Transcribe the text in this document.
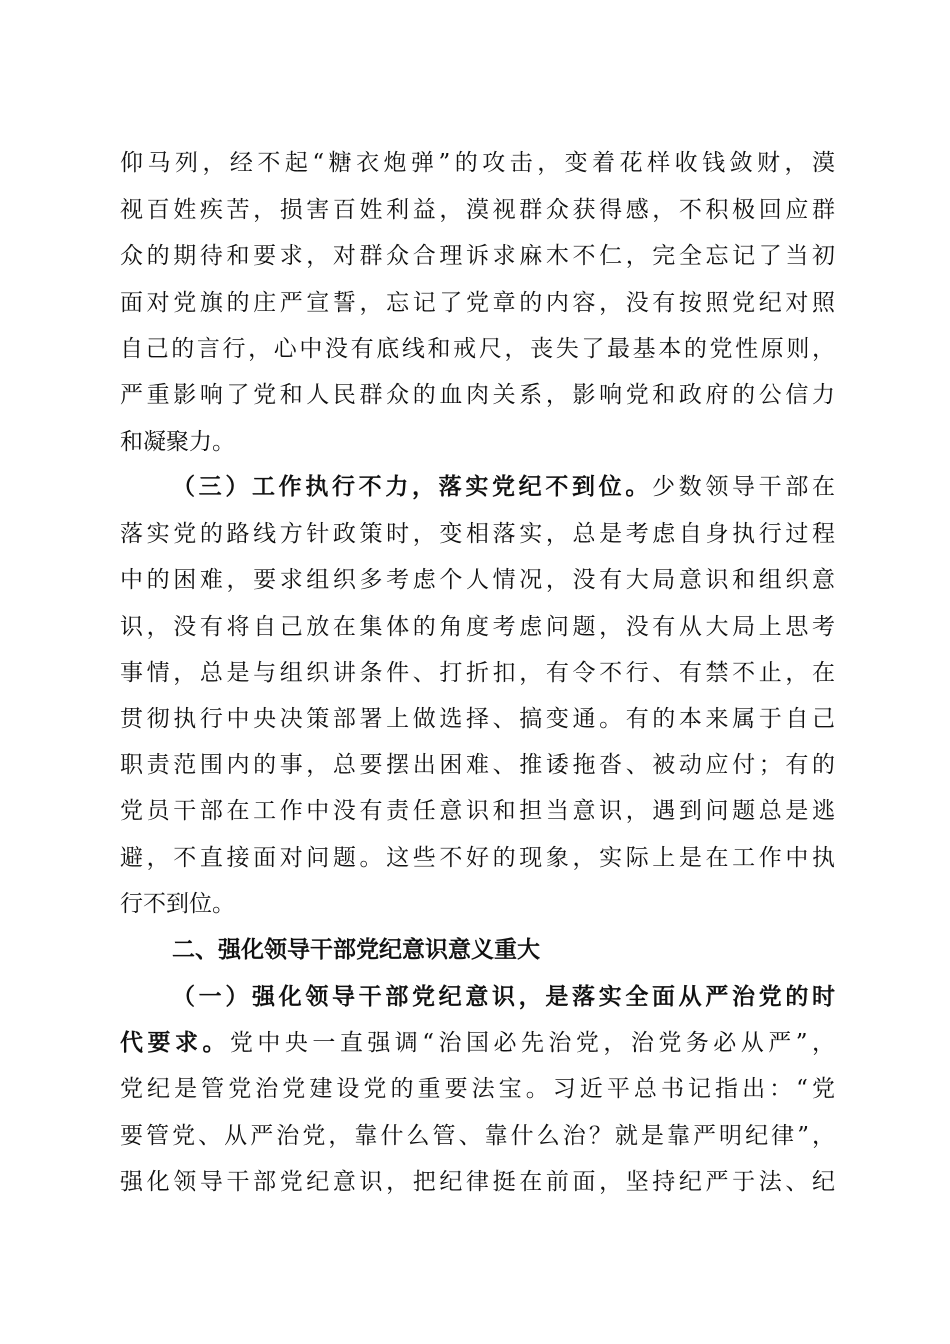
仰马列，经不起“糖衣炮弹”的攻击，变着花样收钱敛财，漠
视百姓疾苦，损害百姓利益，漠视群众获得感，不积极回应群
众的期待和要求，对群众合理诉求麻木不仁，完全忘记了当初
面对党旗的庄严宣誓，忘记了党章的内容，没有按照党纪对照
自己的言行，心中没有底线和戒尺，丧失了最基本的党性原则，
严重影响了党和人民群众的血肉关系，影响党和政府的公信力
和凝聚力。
（三）工作执行不力，落实党纪不到位。少数领导干部在
落实党的路线方针政策时，变相落实，总是考虑自身执行过程
中的困难，要求组织多考虑个人情况，没有大局意识和组织意
识，没有将自己放在集体的角度考虑问题，没有从大局上思考
事情，总是与组织讲条件、打折扣，有令不行、有禁不止，在
贯彻执行中央决策部署上做选择、搞变通。有的本来属于自己
职责范围内的事，总要摆出困难、推诿拖沓、被动应付；有的
党员干部在工作中没有责任意识和担当意识，遇到问题总是逃
避，不直接面对问题。这些不好的现象，实际上是在工作中执
行不到位。
二、强化领导干部党纪意识意义重大
（一）强化领导干部党纪意识，是落实全面从严治党的时
代要求。党中央一直强调“治国必先治党，治党务必从严”，
党纪是管党治党建设党的重要法宝。习近平总书记指出：“党
要管党、从严治党，靠什么管、靠什么治？就是靠严明纪律”，
强化领导干部党纪意识，把纪律挺在前面，坚持纪严于法、纪
